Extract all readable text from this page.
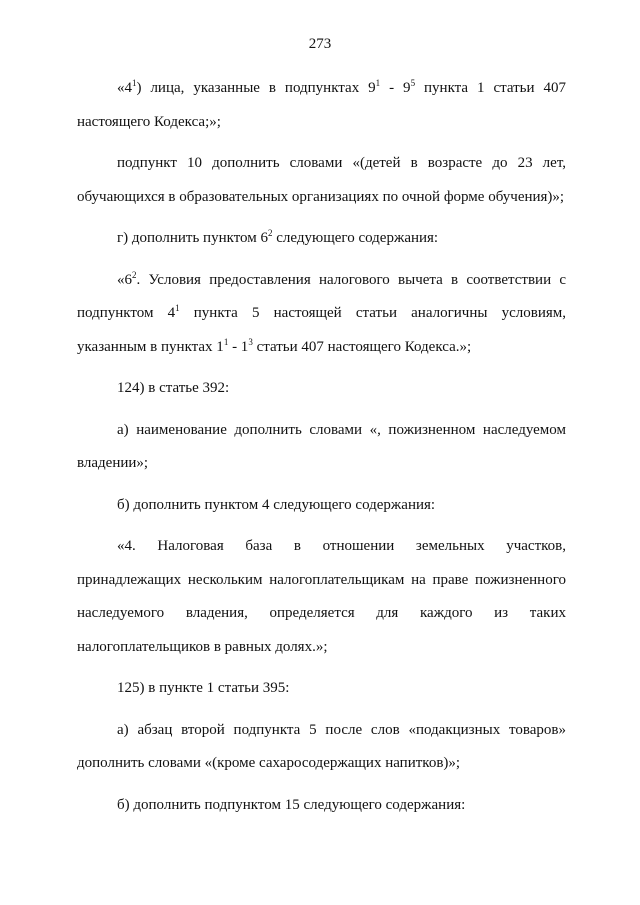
273

«$4^1$) лица, указанные в подпунктах $9^1 - 9^5$ пункта 1 статьи 407 настоящего Кодекса;»;

подпункт 10 дополнить словами «(детей в возрасте до 23 лет, обучающихся в образовательных организациях по очной форме обучения)»;

г) дополнить пунктом $6^2$ следующего содержания:

«$6^2$. Условия предоставления налогового вычета в соответствии с подпунктом $4^1$ пункта 5 настоящей статьи аналогичны условиям, указанным в пунктах $1^1 - 1^3$ статьи 407 настоящего Кодекса.»;

124) в статье 392:

а) наименование дополнить словами «, пожизненном наследуемом владении»;

б) дополнить пунктом 4 следующего содержания:

«4. Налоговая база в отношении земельных участков, принадлежащих нескольким налогоплательщикам на праве пожизненного наследуемого владения, определяется для каждого из таких налогоплательщиков в равных долях.»;

125) в пункте 1 статьи 395:

а) абзац второй подпункта 5 после слов «подакцизных товаров» дополнить словами «(кроме сахаросодержащих напитков)»;

б) дополнить подпунктом 15 следующего содержания:
